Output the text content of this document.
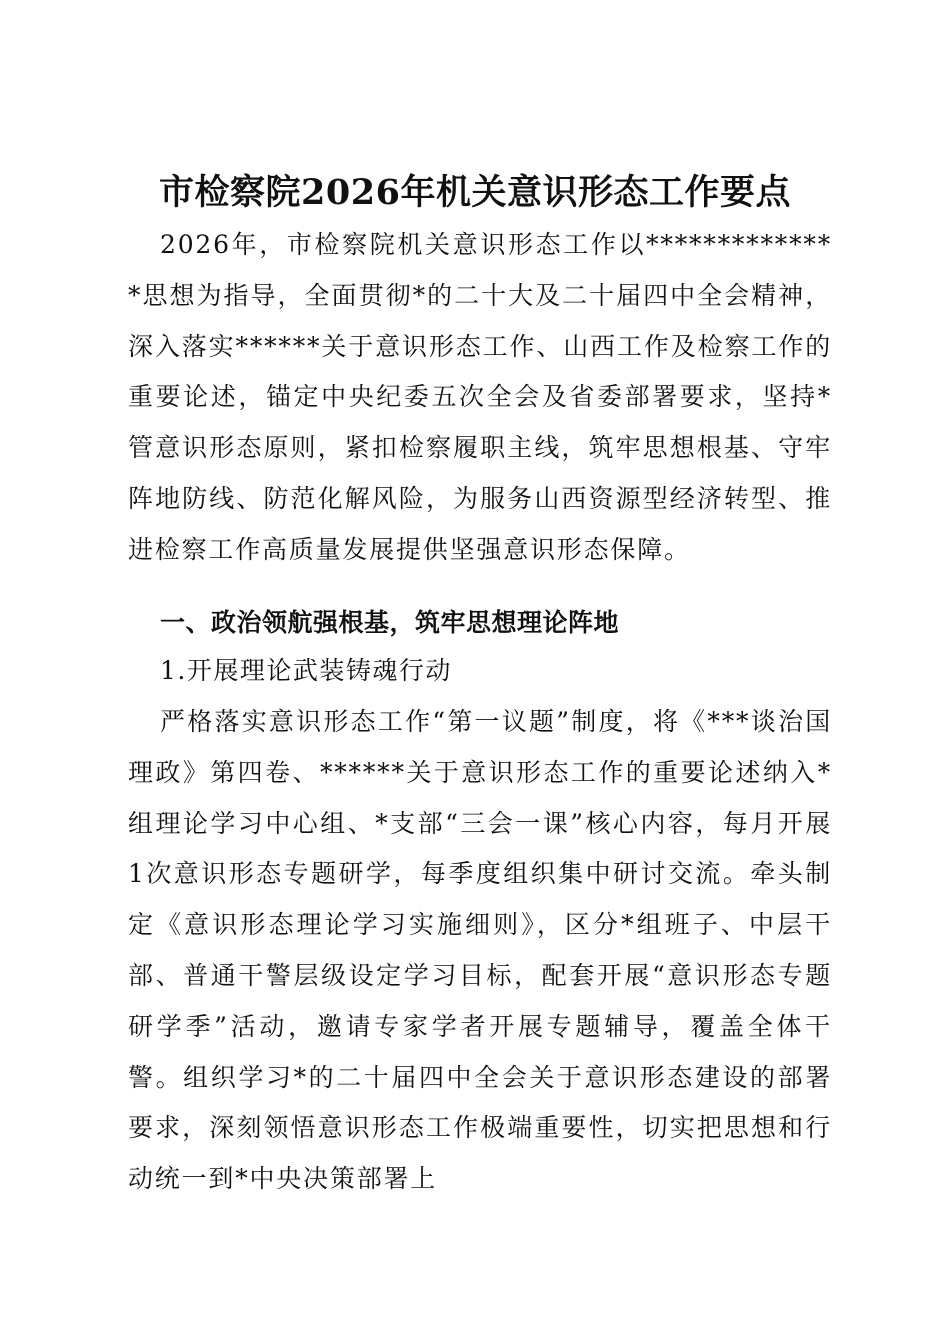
市检察院2026年机关意识形态工作要点
2026年，市检察院机关意识形态工作以**************思想为指导，全面贯彻*的二十大及二十届四中全会精神，深入落实******关于意识形态工作、山西工作及检察工作的重要论述，锚定中央纪委五次全会及省委部署要求，坚持*管意识形态原则，紧扣检察履职主线，筑牢思想根基、守牢阵地防线、防范化解风险，为服务山西资源型经济转型、推进检察工作高质量发展提供坚强意识形态保障。
一、政治领航强根基，筑牢思想理论阵地
1.开展理论武装铸魂行动
严格落实意识形态工作“第一议题”制度，将《***谈治国理政》第四卷、******关于意识形态工作的重要论述纳入*组理论学习中心组、*支部“三会一课”核心内容，每月开展1次意识形态专题研学，每季度组织集中研讨交流。牵头制定《意识形态理论学习实施细则》，区分*组班子、中层干部、普通干警层级设定学习目标，配套开展“意识形态专题研学季”活动，邀请专家学者开展专题辅导，覆盖全体干警。组织学习*的二十届四中全会关于意识形态建设的部署要求，深刻领悟意识形态工作极端重要性，切实把思想和行动统一到*中央决策部署上
